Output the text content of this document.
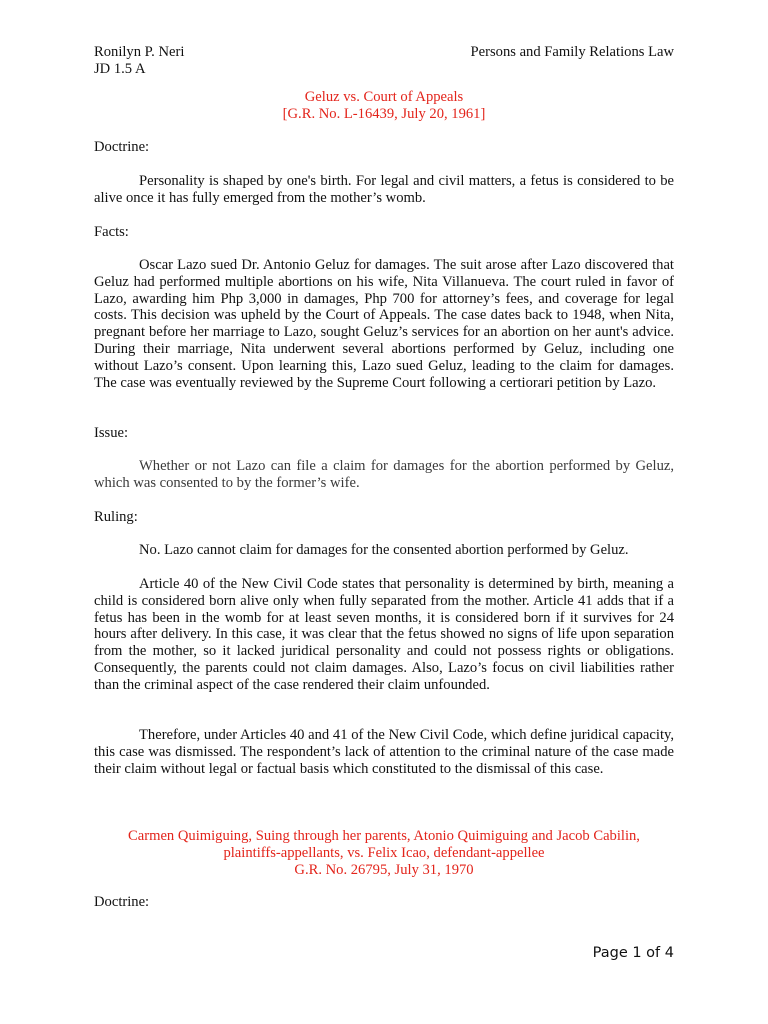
Ronilyn P. Neri
JD 1.5 A
Persons and Family Relations Law
Geluz vs. Court of Appeals
[G.R. No. L-16439, July 20, 1961]
Doctrine:
Personality is shaped by one's birth. For legal and civil matters, a fetus is considered to be alive once it has fully emerged from the mother’s womb.
Facts:
Oscar Lazo sued Dr. Antonio Geluz for damages. The suit arose after Lazo discovered that Geluz had performed multiple abortions on his wife, Nita Villanueva. The court ruled in favor of Lazo, awarding him Php 3,000 in damages, Php 700 for attorney’s fees, and coverage for legal costs. This decision was upheld by the Court of Appeals. The case dates back to 1948, when Nita, pregnant before her marriage to Lazo, sought Geluz’s services for an abortion on her aunt's advice. During their marriage, Nita underwent several abortions performed by Geluz, including one without Lazo’s consent. Upon learning this, Lazo sued Geluz, leading to the claim for damages. The case was eventually reviewed by the Supreme Court following a certiorari petition by Lazo.
Issue:
Whether or not Lazo can file a claim for damages for the abortion performed by Geluz, which was consented to by the former’s wife.
Ruling:
No. Lazo cannot claim for damages for the consented abortion performed by Geluz.
Article 40 of the New Civil Code states that personality is determined by birth, meaning a child is considered born alive only when fully separated from the mother. Article 41 adds that if a fetus has been in the womb for at least seven months, it is considered born if it survives for 24 hours after delivery. In this case, it was clear that the fetus showed no signs of life upon separation from the mother, so it lacked juridical personality and could not possess rights or obligations. Consequently, the parents could not claim damages. Also, Lazo’s focus on civil liabilities rather than the criminal aspect of the case rendered their claim unfounded.
Therefore, under Articles 40 and 41 of the New Civil Code, which define juridical capacity, this case was dismissed. The respondent’s lack of attention to the criminal nature of the case made their claim without legal or factual basis which constituted to the dismissal of this case.
Carmen Quimiguing, Suing through her parents, Atonio Quimiguing and Jacob Cabilin,
plaintiffs-appellants, vs. Felix Icao, defendant-appellee
G.R. No. 26795, July 31, 1970
Doctrine:
Page 1 of 4
